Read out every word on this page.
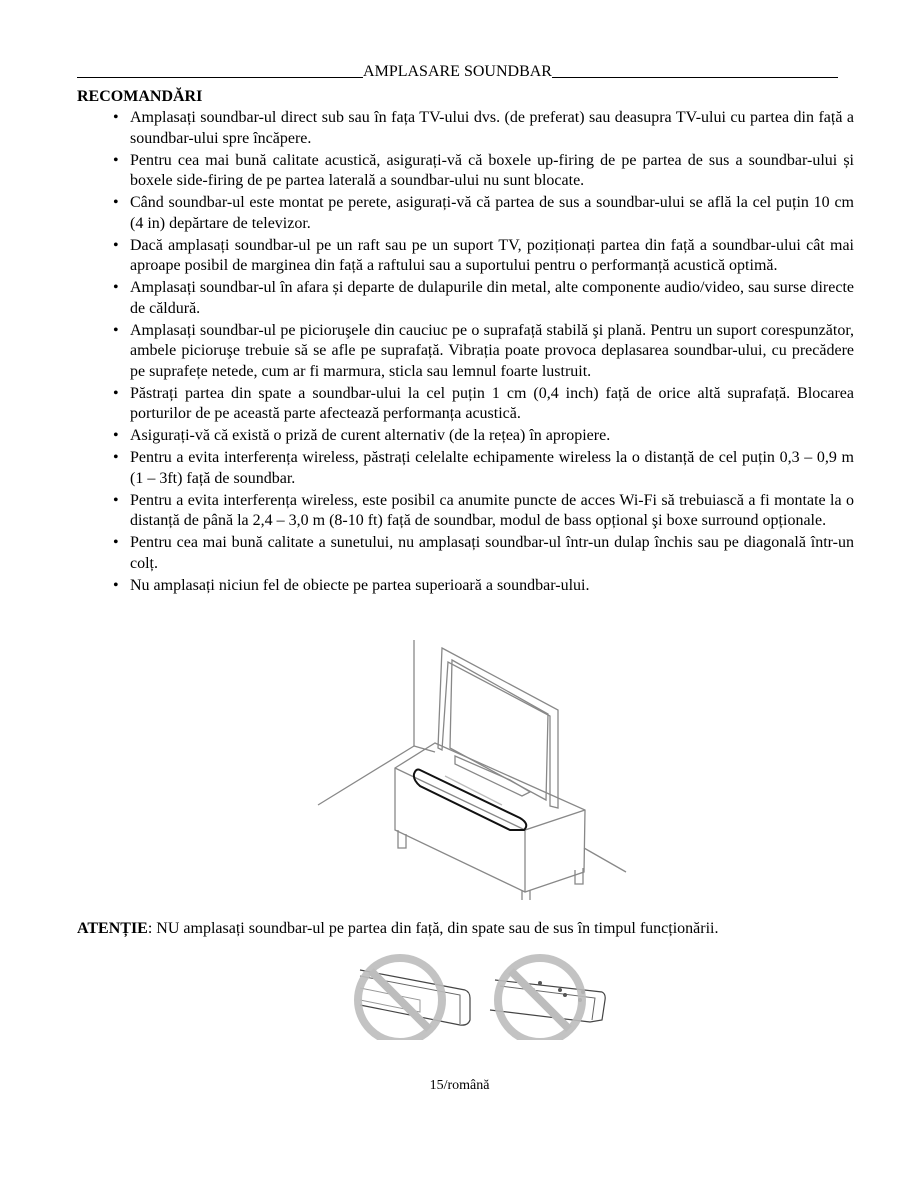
AMPLASARE SOUNDBAR
RECOMANDĂRI
• Amplasați soundbar-ul direct sub sau în fața TV-ului dvs. (de preferat) sau deasupra TV-ului cu partea din față a soundbar-ului spre încăpere.
• Pentru cea mai bună calitate acustică, asigurați-vă că boxele up-firing de pe partea de sus a soundbar-ului și boxele side-firing de pe partea laterală a soundbar-ului nu sunt blocate.
• Când soundbar-ul este montat pe perete, asigurați-vă că partea de sus a soundbar-ului se află la cel puțin 10 cm (4 in) depărtare de televizor.
• Dacă amplasați soundbar-ul pe un raft sau pe un suport TV, poziționați partea din față a soundbar-ului cât mai aproape posibil de marginea din față a raftului sau a suportului pentru o performanță acustică optimă.
• Amplasați soundbar-ul în afara și departe de dulapurile din metal, alte componente audio/video, sau surse directe de căldură.
• Amplasați soundbar-ul pe picioruşele din cauciuc pe o suprafață stabilă şi plană. Pentru un suport corespunzător, ambele picioruşe trebuie să se afle pe suprafață. Vibrația poate provoca deplasarea soundbar-ului, cu precădere pe suprafețe netede, cum ar fi marmura, sticla sau lemnul foarte lustruit.
• Păstrați partea din spate a soundbar-ului la cel puțin 1 cm (0,4 inch) față de orice altă suprafață. Blocarea porturilor de pe această parte afectează performanța acustică.
• Asigurați-vă că există o priză de curent alternativ (de la rețea) în apropiere.
• Pentru a evita interferența wireless, păstrați celelalte echipamente wireless la o distanță de cel puțin 0,3 – 0,9 m (1 – 3ft) față de soundbar.
• Pentru a evita interferența wireless, este posibil ca anumite puncte de acces Wi-Fi să trebuiască a fi montate la o distanță de până la 2,4 – 3,0 m (8-10 ft) față de soundbar, modul de bass opțional şi boxe surround opționale.
• Pentru cea mai bună calitate a sunetului, nu amplasați soundbar-ul într-un dulap închis sau pe diagonală într-un colț.
• Nu amplasați niciun fel de obiecte pe partea superioară a soundbar-ului.
ATENȚIE: NU amplasați soundbar-ul pe partea din față, din spate sau de sus în timpul funcționării.
15/română
